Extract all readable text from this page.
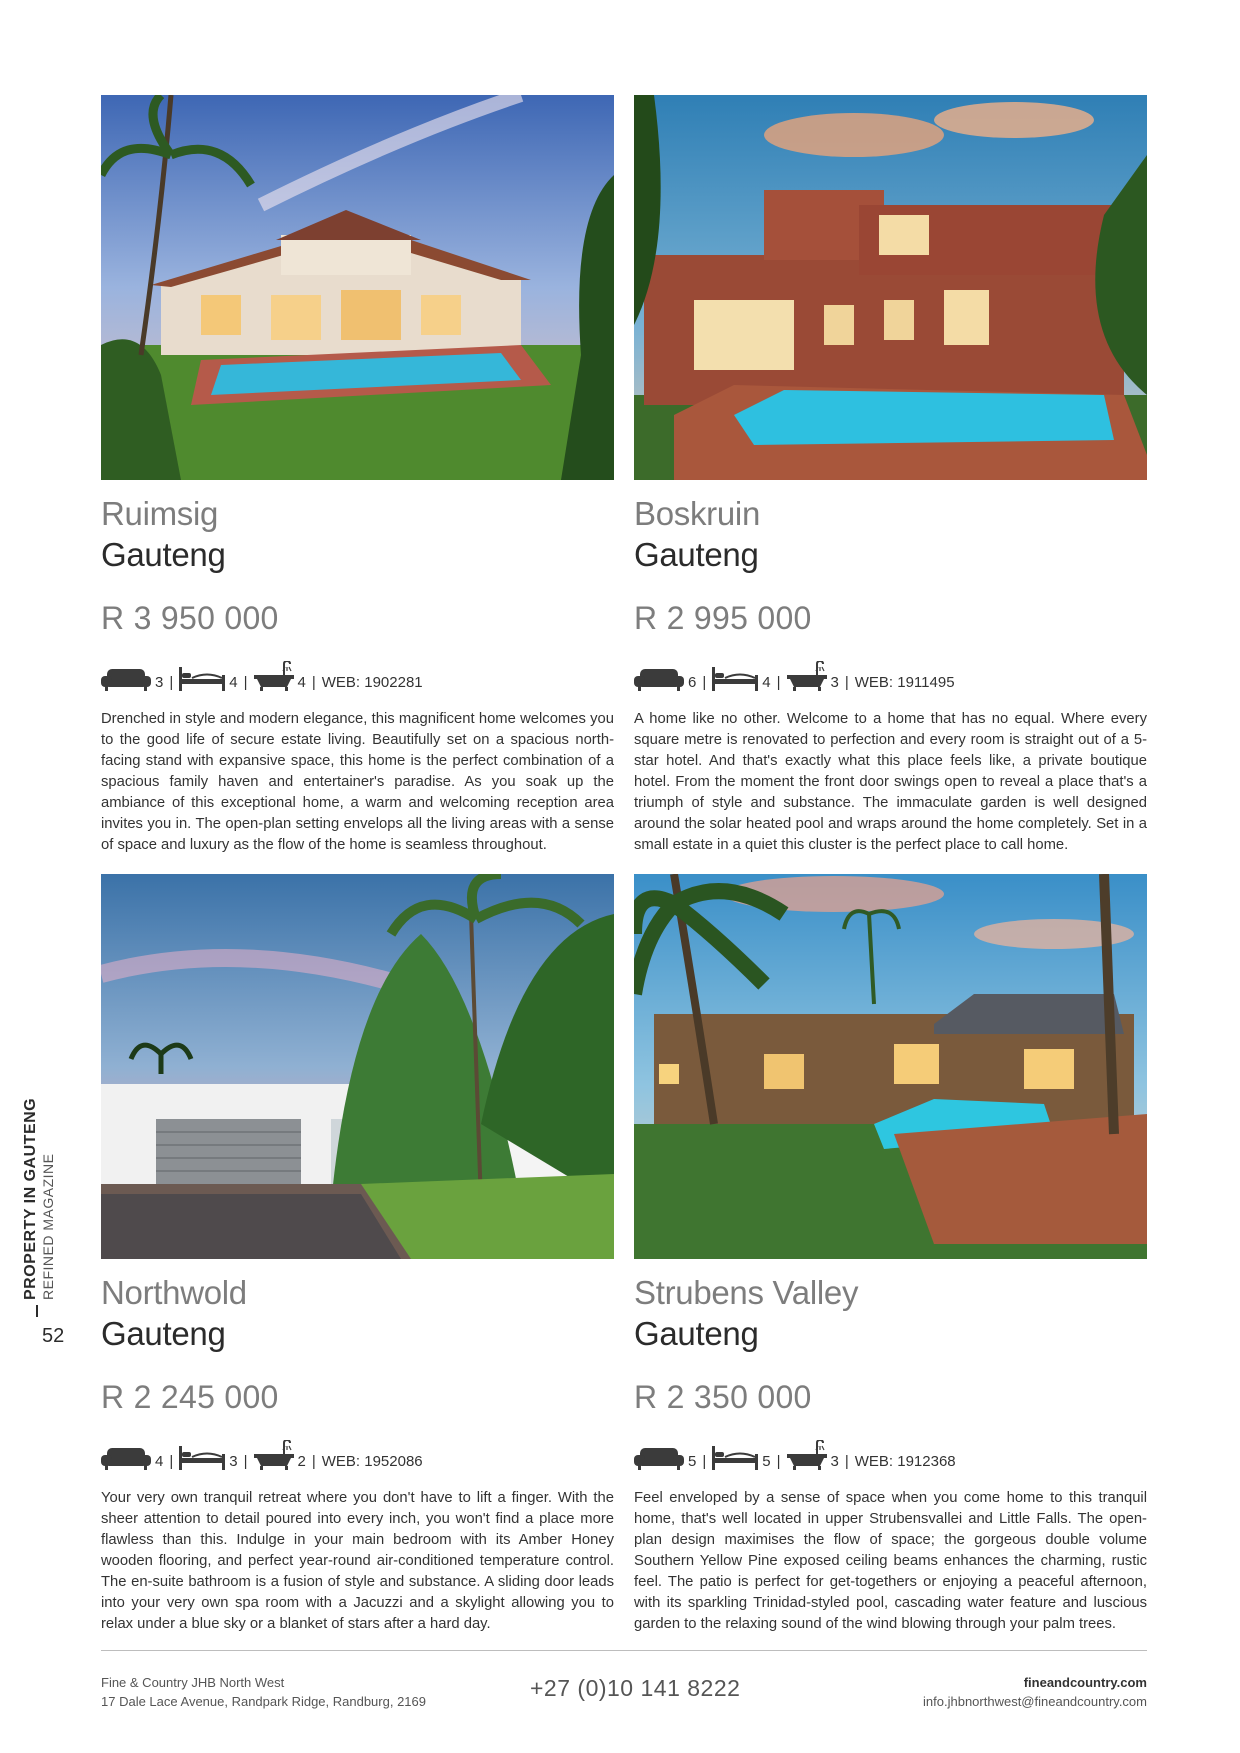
Ruimsig
Gauteng
R 3 950 000
3 |	4 |	4 | WEB: 1902281
Drenched in style and modern elegance, this magnificent home welcomes you to the good life of secure estate living. Beautifully set on a spacious north-facing stand with expansive space, this home is the perfect combination of a spacious family haven and entertainer's paradise. As you soak up the ambiance of this exceptional home, a warm and welcoming reception area invites you in. The open-plan setting envelops all the living areas with a sense of space and luxury as the flow of the home is seamless throughout.
Boskruin
Gauteng
R 2 995 000
6 |	4 |	3 | WEB: 1911495
A home like no other. Welcome to a home that has no equal. Where every square metre is renovated to perfection and every room is straight out of a 5-star hotel. And that's exactly what this place feels like, a private boutique hotel. From the moment the front door swings open to reveal a place that's a triumph of style and substance. The immaculate garden is well designed around the solar heated pool and wraps around the home completely. Set in a small estate in a quiet this cluster is the perfect place to call home.
Northwold
Gauteng
R 2 245 000
4 |	3 |	2 | WEB: 1952086
Your very own tranquil retreat where you don't have to lift a finger. With the sheer attention to detail poured into every inch, you won't find a place more flawless than this. Indulge in your main bedroom with its Amber Honey wooden flooring, and perfect year-round air-conditioned temperature control. The en-suite bathroom is a fusion of style and substance. A sliding door leads into your very own spa room with a Jacuzzi and a skylight allowing you to relax under a blue sky or a blanket of stars after a hard day.
Strubens Valley
Gauteng
R 2 350 000
5 |	5 |	3 | WEB: 1912368
Feel enveloped by a sense of space when you come home to this tranquil home, that's well located in upper Strubensvallei and Little Falls. The open-plan design maximises the flow of space; the gorgeous double volume Southern Yellow Pine exposed ceiling beams enhances the charming, rustic feel. The patio is perfect for get-togethers or enjoying a peaceful afternoon, with its sparkling Trinidad-styled pool, cascading water feature and luscious garden to the relaxing sound of the wind blowing through your palm trees.
PROPERTY IN GAUTENG REFINED MAGAZINE
52
Fine & Country JHB North West
17 Dale Lace Avenue, Randpark Ridge, Randburg, 2169
+27 (0)10 141 8222	fineandcountry.com
info.jhbnorthwest@fineandcountry.com
